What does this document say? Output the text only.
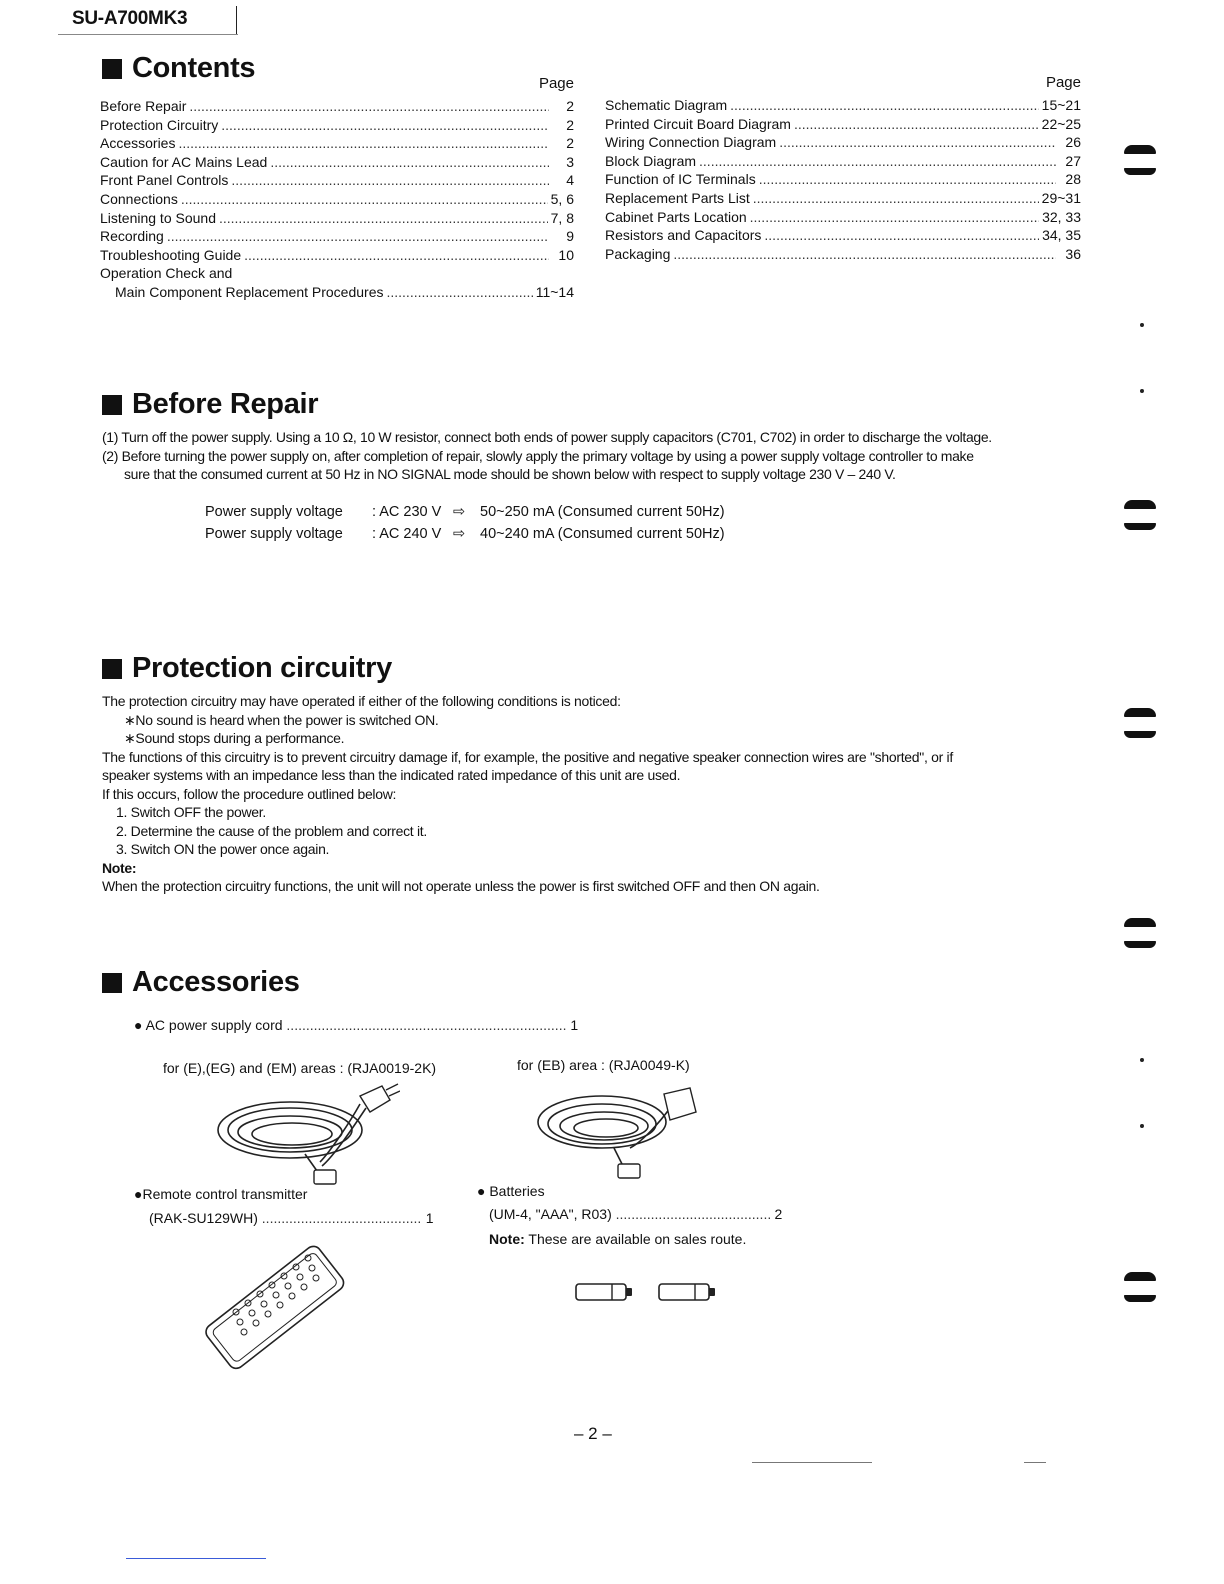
SU-A700MK3
Contents	Page
Before Repair .....	2
Protection Circuitry .....	2
Accessories .....	2
Caution for AC Mains Lead .....	3
Front Panel Controls .....	4
Connections .....	5, 6
Listening to Sound .....	7, 8
Recording .....	9
Troubleshooting Guide .....	10
Operation Check and
Main Component Replacement Procedures .....	11~14
Page
Schematic Diagram .....	15~21
Printed Circuit Board Diagram .....	22~25
Wiring Connection Diagram .....	26
Block Diagram .....	27
Function of IC Terminals .....	28
Replacement Parts List .....	29~31
Cabinet Parts Location .....	32, 33
Resistors and Capacitors .....	34, 35
Packaging .....	36
Before Repair
(1) Turn off the power supply. Using a 10 Ω, 10 W resistor, connect both ends of power supply capacitors (C701, C702) in order to discharge the voltage.
(2) Before turning the power supply on, after completion of repair, slowly apply the primary voltage by using a power supply voltage controller to make
sure that the consumed current at 50 Hz in NO SIGNAL mode should be shown below with respect to supply voltage 230 V – 240 V.
Power supply voltage : AC 230 V ⇨ 50~250 mA (Consumed current 50Hz)
Power supply voltage : AC 240 V ⇨ 40~240 mA (Consumed current 50Hz)
Protection circuitry
The protection circuitry may have operated if either of the following conditions is noticed:
∗No sound is heard when the power is switched ON.
∗Sound stops during a performance.
The functions of this circuitry is to prevent circuitry damage if, for example, the positive and negative speaker connection wires are "shorted", or if
speaker systems with an impedance less than the indicated rated impedance of this unit are used.
If this occurs, follow the procedure outlined below:
1. Switch OFF the power.
2. Determine the cause of the problem and correct it.
3. Switch ON the power once again.
Note:
When the protection circuitry functions, the unit will not operate unless the power is first switched OFF and then ON again.
Accessories
● AC power supply cord .....	1
for (E),(EG) and (EM) areas : (RJA0019-2K)	for (EB) area : (RJA0049-K)
●Remote control transmitter
(RAK-SU129WH) .....	1
● Batteries
(UM-4, "AAA", R03) .....	2
Note: These are available on sales route.
– 2 –
